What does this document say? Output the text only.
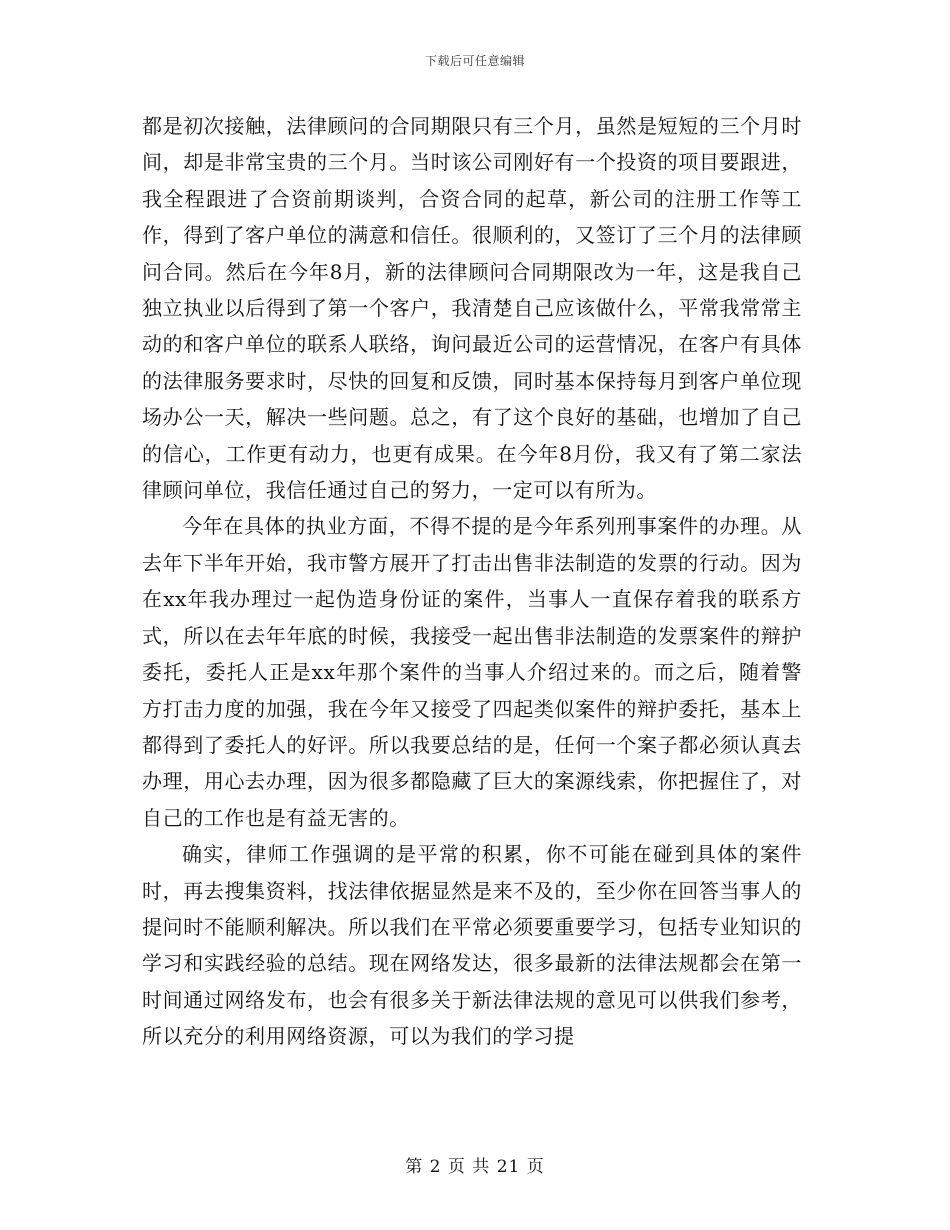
下载后可任意编辑

都是初次接触，法律顾问的合同期限只有三个月，虽然是短短的三个月时间，却是非常宝贵的三个月。当时该公司刚好有一个投资的项目要跟进，我全程跟进了合资前期谈判，合资合同的起草，新公司的注册工作等工作，得到了客户单位的满意和信任。很顺利的，又签订了三个月的法律顾问合同。然后在今年8月，新的法律顾问合同期限改为一年，这是我自己独立执业以后得到了第一个客户，我清楚自己应该做什么，平常我常常主动的和客户单位的联系人联络，询问最近公司的运营情况，在客户有具体的法律服务要求时，尽快的回复和反馈，同时基本保持每月到客户单位现场办公一天，解决一些问题。总之，有了这个良好的基础，也增加了自己的信心，工作更有动力，也更有成果。在今年8月份，我又有了第二家法律顾问单位，我信任通过自己的努力，一定可以有所为。

今年在具体的执业方面，不得不提的是今年系列刑事案件的办理。从去年下半年开始，我市警方展开了打击出售非法制造的发票的行动。因为在xx年我办理过一起伪造身份证的案件，当事人一直保存着我的联系方式，所以在去年年底的时候，我接受一起出售非法制造的发票案件的辩护委托，委托人正是xx年那个案件的当事人介绍过来的。而之后，随着警方打击力度的加强，我在今年又接受了四起类似案件的辩护委托，基本上都得到了委托人的好评。所以我要总结的是，任何一个案子都必须认真去办理，用心去办理，因为很多都隐藏了巨大的案源线索，你把握住了，对自己的工作也是有益无害的。

确实，律师工作强调的是平常的积累，你不可能在碰到具体的案件时，再去搜集资料，找法律依据显然是来不及的，至少你在回答当事人的提问时不能顺利解决。所以我们在平常必须要重要学习，包括专业知识的学习和实践经验的总结。现在网络发达，很多最新的法律法规都会在第一时间通过网络发布，也会有很多关于新法律法规的意见可以供我们参考，所以充分的利用网络资源，可以为我们的学习提

第 2 页 共 21 页
